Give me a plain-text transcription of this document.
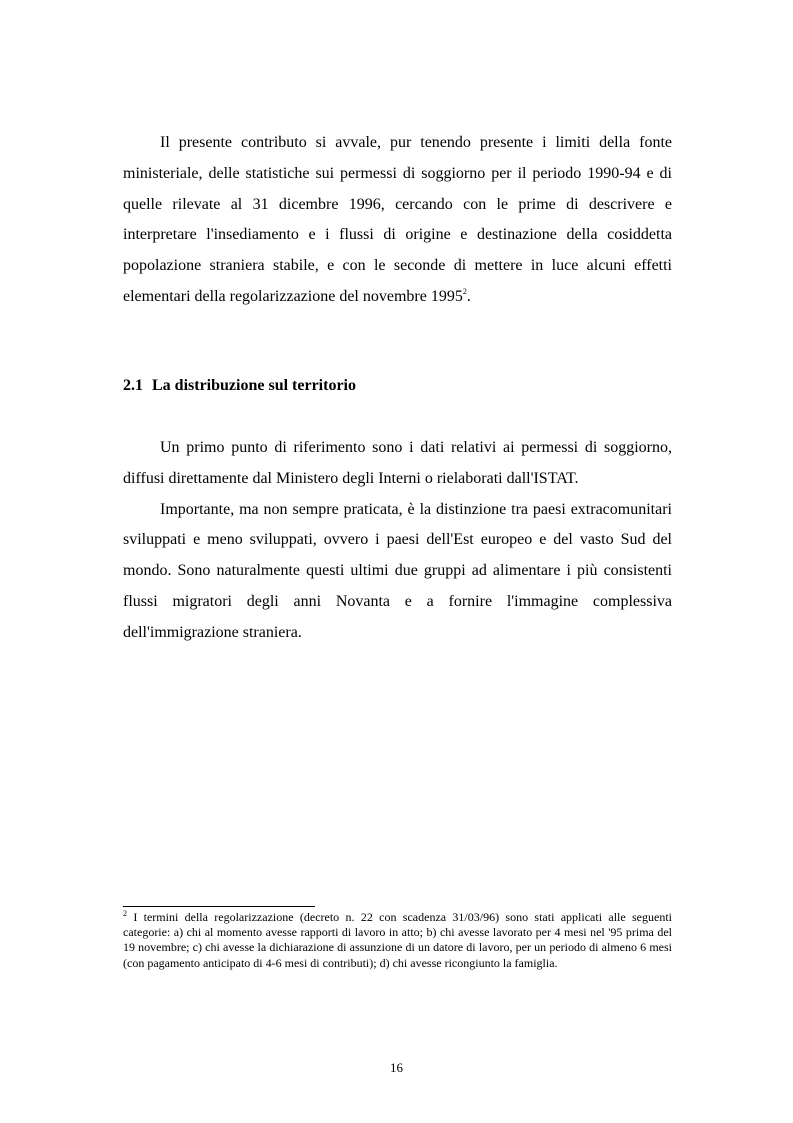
Il presente contributo si avvale, pur tenendo presente i limiti della fonte ministeriale, delle statistiche sui permessi di soggiorno per il periodo 1990-94 e di quelle rilevate al 31 dicembre 1996, cercando con le prime di descrivere e interpretare l'insediamento e i flussi di origine e destinazione della cosiddetta popolazione straniera stabile, e con le seconde di mettere in luce alcuni effetti elementari della regolarizzazione del novembre 1995$^2$.

2.1 La distribuzione sul territorio

Un primo punto di riferimento sono i dati relativi ai permessi di soggiorno, diffusi direttamente dal Ministero degli Interni o rielaborati dall'ISTAT.

Importante, ma non sempre praticata, è la distinzione tra paesi extracomunitari sviluppati e meno sviluppati, ovvero i paesi dell'Est europeo e del vasto Sud del mondo. Sono naturalmente questi ultimi due gruppi ad alimentare i più consistenti flussi migratori degli anni Novanta e a fornire l'immagine complessiva dell'immigrazione straniera.

$^2$ I termini della regolarizzazione (decreto n. 22 con scadenza 31/03/96) sono stati applicati alle seguenti categorie: a) chi al momento avesse rapporti di lavoro in atto; b) chi avesse lavorato per 4 mesi nel '95 prima del 19 novembre; c) chi avesse la dichiarazione di assunzione di un datore di lavoro, per un periodo di almeno 6 mesi (con pagamento anticipato di 4-6 mesi di contributi); d) chi avesse ricongiunto la famiglia.

16
